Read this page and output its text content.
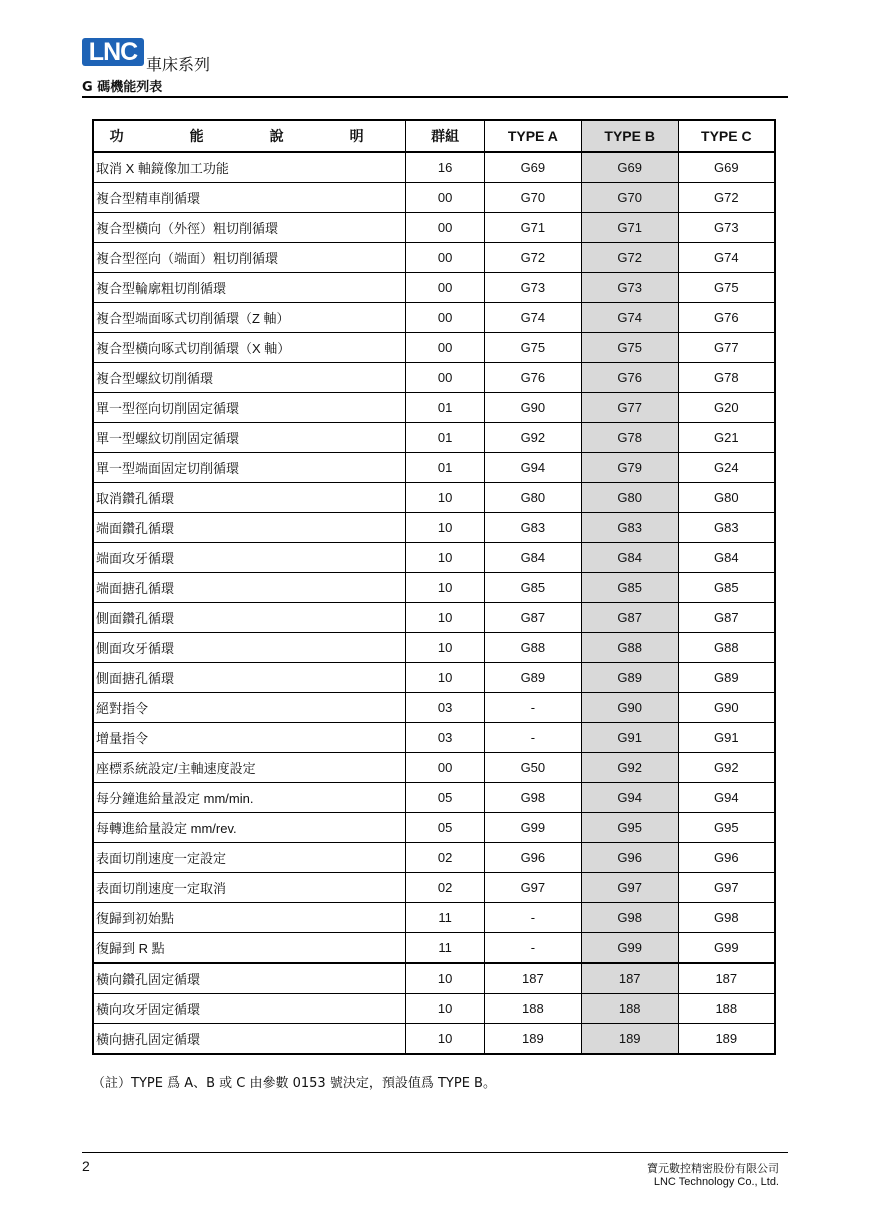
LNC 車床系列
G 碼機能列表
功　能　說　明	群組	TYPE A	TYPE B	TYPE C
取消 X 軸鏡像加工功能	16	G69	G69	G69
複合型精車削循環	00	G70	G70	G72
複合型橫向（外徑）粗切削循環	00	G71	G71	G73
複合型徑向（端面）粗切削循環	00	G72	G72	G74
複合型輪廓粗切削循環	00	G73	G73	G75
複合型端面啄式切削循環（Z 軸）	00	G74	G74	G76
複合型橫向啄式切削循環（X 軸）	00	G75	G75	G77
複合型螺紋切削循環	00	G76	G76	G78
單一型徑向切削固定循環	01	G90	G77	G20
單一型螺紋切削固定循環	01	G92	G78	G21
單一型端面固定切削循環	01	G94	G79	G24
取消鑽孔循環	10	G80	G80	G80
端面鑽孔循環	10	G83	G83	G83
端面攻牙循環	10	G84	G84	G84
端面搪孔循環	10	G85	G85	G85
側面鑽孔循環	10	G87	G87	G87
側面攻牙循環	10	G88	G88	G88
側面搪孔循環	10	G89	G89	G89
絕對指令	03	-	G90	G90
增量指令	03	-	G91	G91
座標系統設定/主軸速度設定	00	G50	G92	G92
每分鐘進給量設定 mm/min.	05	G98	G94	G94
每轉進給量設定 mm/rev.	05	G99	G95	G95
表面切削速度一定設定	02	G96	G96	G96
表面切削速度一定取消	02	G97	G97	G97
復歸到初始點	11	-	G98	G98
復歸到 R 點	11	-	G99	G99
橫向鑽孔固定循環	10	187	187	187
橫向攻牙固定循環	10	188	188	188
橫向搪孔固定循環	10	189	189	189
（註）TYPE 爲 A、B 或 C 由參數 0153 號決定，預設值爲 TYPE B。
2	寶元數控精密股份有限公司
LNC Technology Co., Ltd.
